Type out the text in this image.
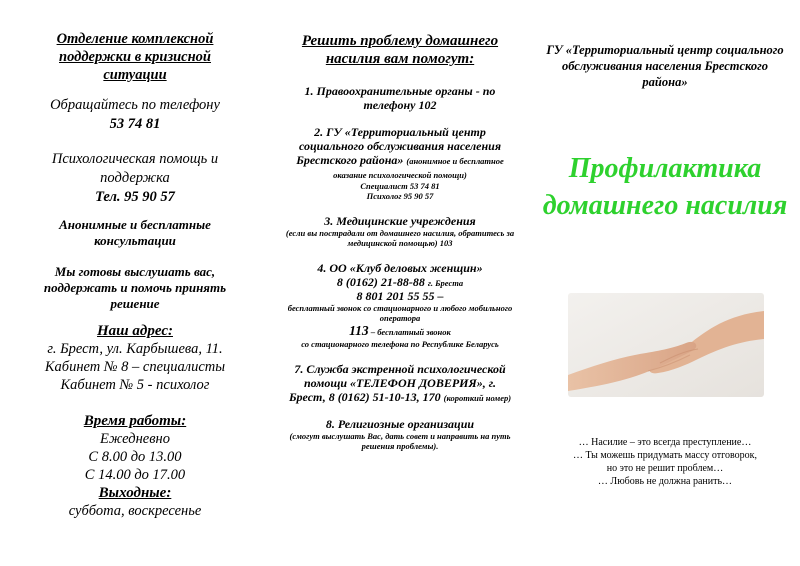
Отделение комплексной поддержки в кризисной ситуации

Обращайтесь по телефону

53 74 81

Психологическая помощь и поддержка

Тел. 95 90 57

Анонимные и бесплатные консультации

Мы готовы выслушать вас, поддержать и помочь принять решение

Наш адрес:

г. Брест, ул. Карбышева, 11.

Кабинет № 8 – специалисты

Кабинет № 5 - психолог

Время работы:

Ежедневно

С 8.00 до 13.00

С 14.00 до 17.00

Выходные:

суббота, воскресенье

Решить проблему домашнего насилия вам помогут:

1. Правоохранительные органы - по телефону 102

2. ГУ «Территориальный центр социального обслуживания населения Брестского района» (анонимное и бесплатное оказание психологической помощи)

Специалист 53 74 81

Психолог 95 90 57

3. Медицинские учреждения

(если вы пострадали от домашнего насилия, обратитесь за медицинской помощью) 103

4. ОО «Клуб деловых женщин»

8 (0162) 21-88-88 г. Бреста

8 801 201 55 55 –

бесплатный звонок со стационарного и любого мобильного оператора

113 – бесплатный звонок

со стационарного телефона по Республике Беларусь

7. Служба экстренной психологической помощи «ТЕЛЕФОН ДОВЕРИЯ», г. Брест, 8 (0162) 51-10-13, 170 (короткий номер)

8. Религиозные организации

(смогут выслушать Вас, дать совет и направить на путь решения проблемы).

ГУ «Территориальный центр социального обслуживания населения Брестского района»

Профилактика домашнего насилия

… Насилие – это всегда преступление…

… Ты можешь придумать массу отговорок,

но это не решит проблем…

… Любовь не должна ранить…
